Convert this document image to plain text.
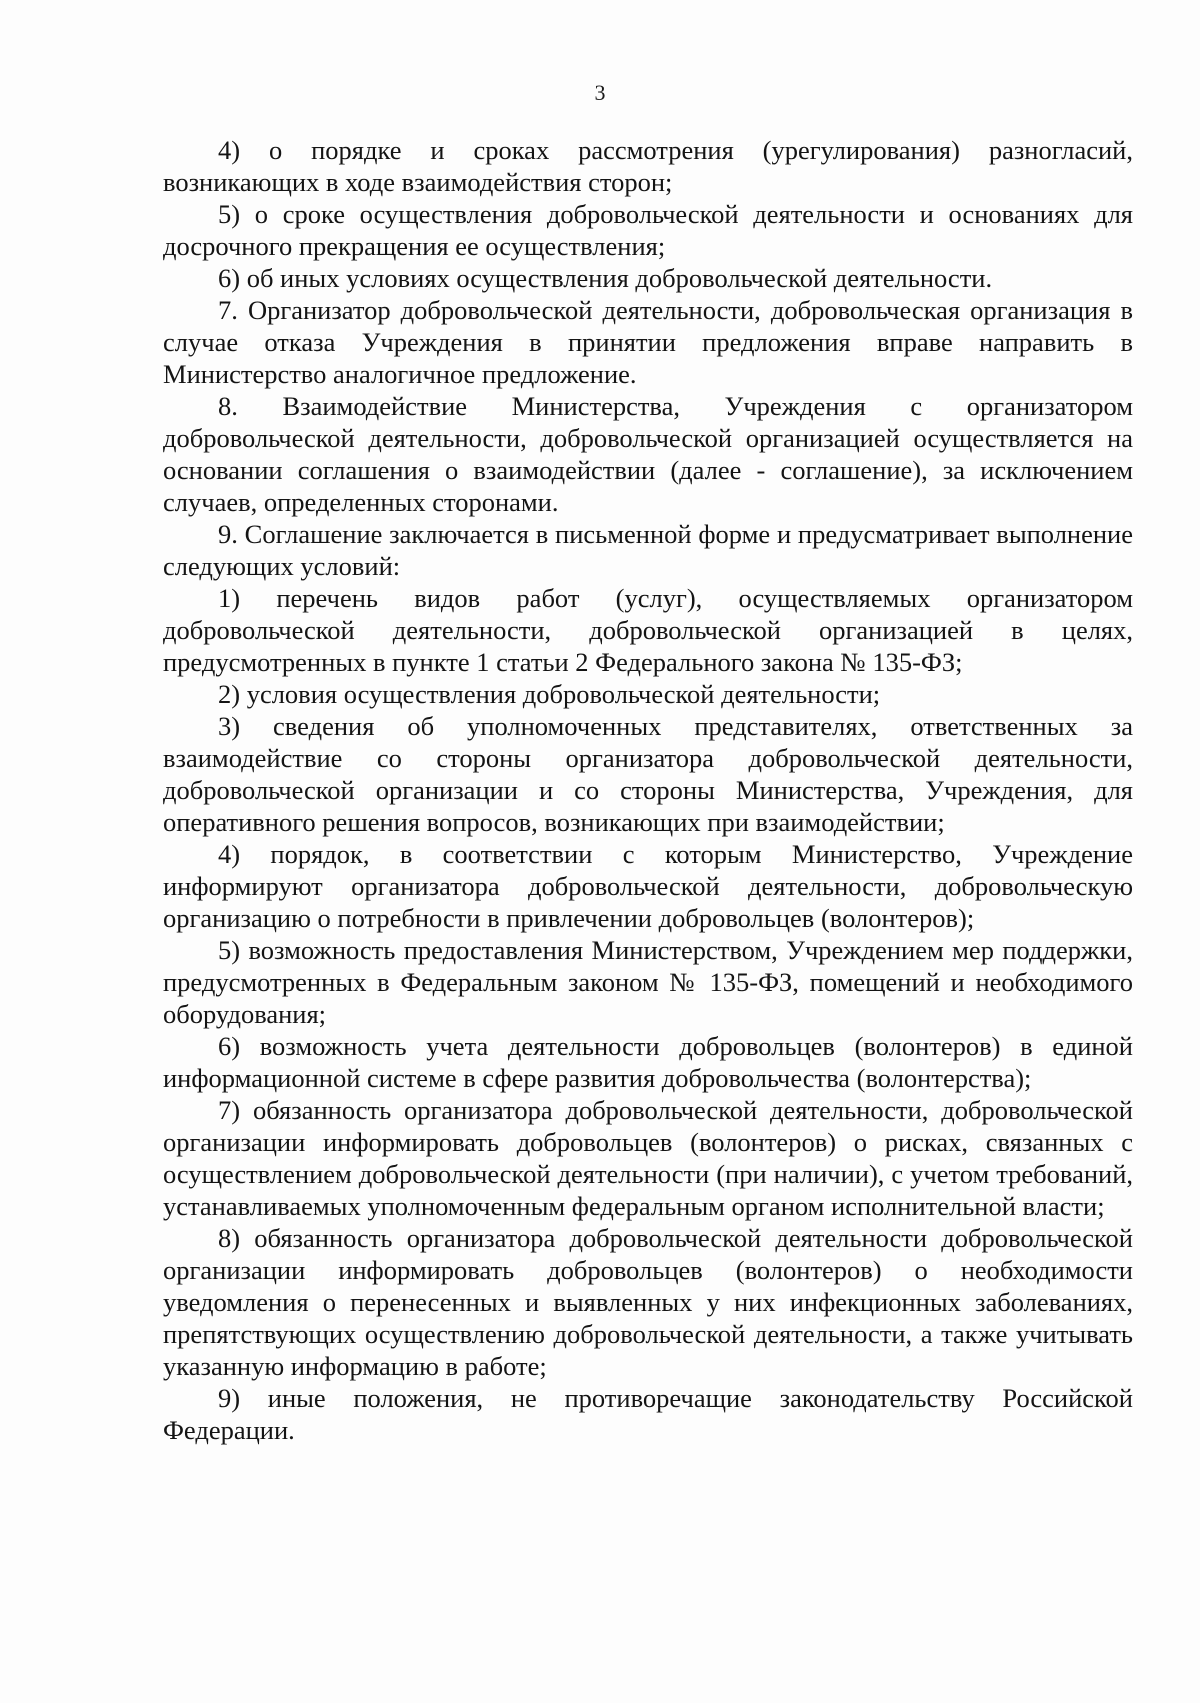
3

4) о порядке и сроках рассмотрения (урегулирования) разногласий, возникающих в ходе взаимодействия сторон;

5) о сроке осуществления добровольческой деятельности и основаниях для досрочного прекращения ее осуществления;

6) об иных условиях осуществления добровольческой деятельности.

7. Организатор добровольческой деятельности, добровольческая организация в случае отказа Учреждения в принятии предложения вправе направить в Министерство аналогичное предложение.

8. Взаимодействие Министерства, Учреждения с организатором добровольческой деятельности, добровольческой организацией осуществляется на основании соглашения о взаимодействии (далее - соглашение), за исключением случаев, определенных сторонами.

9. Соглашение заключается в письменной форме и предусматривает выполнение следующих условий:

1) перечень видов работ (услуг), осуществляемых организатором добровольческой деятельности, добровольческой организацией в целях, предусмотренных в пункте 1 статьи 2 Федерального закона № 135-ФЗ;

2) условия осуществления добровольческой деятельности;

3) сведения об уполномоченных представителях, ответственных за взаимодействие со стороны организатора добровольческой деятельности, добровольческой организации и со стороны Министерства, Учреждения, для оперативного решения вопросов, возникающих при взаимодействии;

4) порядок, в соответствии с которым Министерство, Учреждение информируют организатора добровольческой деятельности, добровольческую организацию о потребности в привлечении добровольцев (волонтеров);

5) возможность предоставления Министерством, Учреждением мер поддержки, предусмотренных в Федеральным законом № 135-ФЗ, помещений и необходимого оборудования;

6) возможность учета деятельности добровольцев (волонтеров) в единой информационной системе в сфере развития добровольчества (волонтерства);

7) обязанность организатора добровольческой деятельности, добровольческой организации информировать добровольцев (волонтеров) о рисках, связанных с осуществлением добровольческой деятельности (при наличии), с учетом требований, устанавливаемых уполномоченным федеральным органом исполнительной власти;

8) обязанность организатора добровольческой деятельности добровольческой организации информировать добровольцев (волонтеров) о необходимости уведомления о перенесенных и выявленных у них инфекционных заболеваниях, препятствующих осуществлению добровольческой деятельности, а также учитывать указанную информацию в работе;

9) иные положения, не противоречащие законодательству Российской Федерации.
